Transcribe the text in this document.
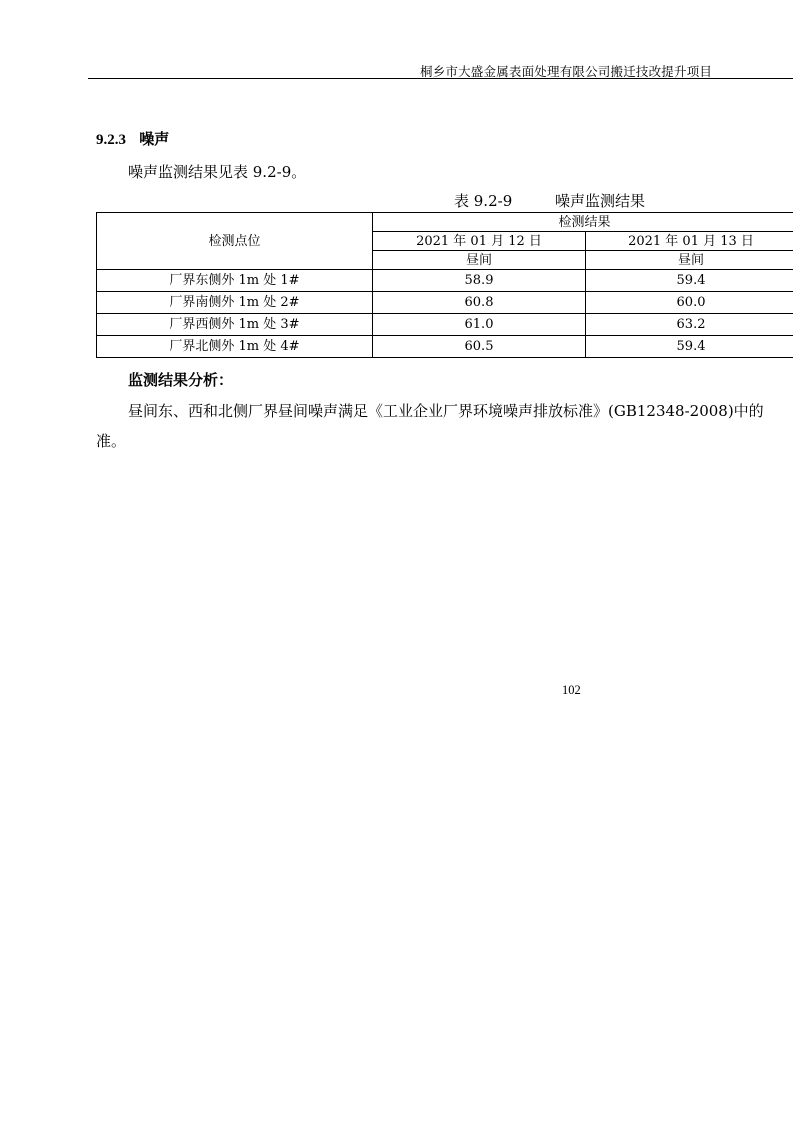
桐乡市大盛金属表面处理有限公司搬迁技改提升项目
9.2.3 噪声
噪声监测结果见表 9.2-9。
表 9.2-9	噪声监测结果
检测点位	检测结果	
	2021 年 01 月 12 日	2021 年 01 月 13 日
	昼间	昼间
厂界东侧外 1m 处 1#	58.9	59.4
厂界南侧外 1m 处 2#	60.8	60.0
厂界西侧外 1m 处 3#	61.0	63.2
厂界北侧外 1m 处 4#	60.5	59.4
监测结果分析：
昼间东、西和北侧厂界昼间噪声满足《工业企业厂界环境噪声排放标准》(GB12348-2008)中的
准。
102
